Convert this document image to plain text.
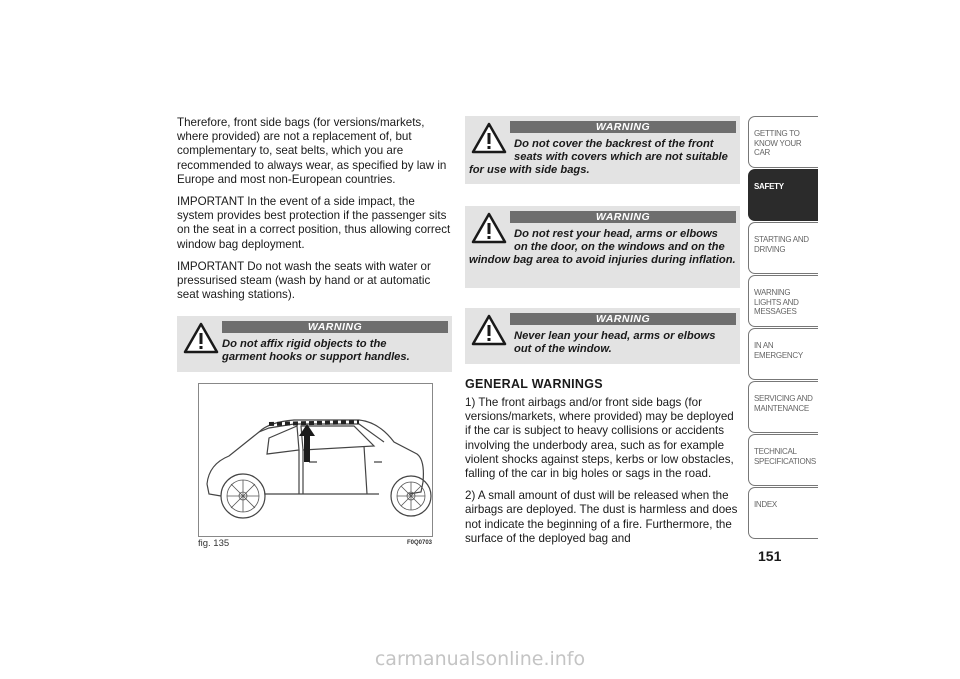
Therefore, front side bags (for versions/markets, where provided) are not a replacement of, but complementary to, seat belts, which you are recommended to always wear, as specified by law in Europe and most non-European countries.

IMPORTANT In the event of a side impact, the system provides best protection if the passenger sits on the seat in a correct position, thus allowing correct window bag deployment.

IMPORTANT Do not wash the seats with water or pressurised steam (wash by hand or at automatic seat washing stations).

WARNING
Do not affix rigid objects to the
garment hooks or support handles.
fig. 135	F0Q0703
WARNING
Do not cover the backrest of the front
seats with covers which are not suitable
for use with side bags.
WARNING
Do not rest your head, arms or elbows
on the door, on the windows and on the
window bag area to avoid injuries during inflation.
WARNING
Never lean your head, arms or elbows
out of the window.

GENERAL WARNINGS

1) The front airbags and/or front side bags (for versions/markets, where provided) may be deployed if the car is subject to heavy collisions or accidents involving the underbody area, such as for example violent shocks against steps, kerbs or low obstacles, falling of the car in big holes or sags in the road.

2) A small amount of dust will be released when the airbags are deployed. The dust is harmless and does not indicate the beginning of a fire. Furthermore, the surface of the deployed bag and

GETTING TO KNOW YOUR CAR
SAFETY
STARTING AND DRIVING
WARNING LIGHTS AND MESSAGES
IN AN EMERGENCY
SERVICING AND MAINTENANCE
TECHNICAL SPECIFICATIONS
INDEX
151
carmanualsonline.info
